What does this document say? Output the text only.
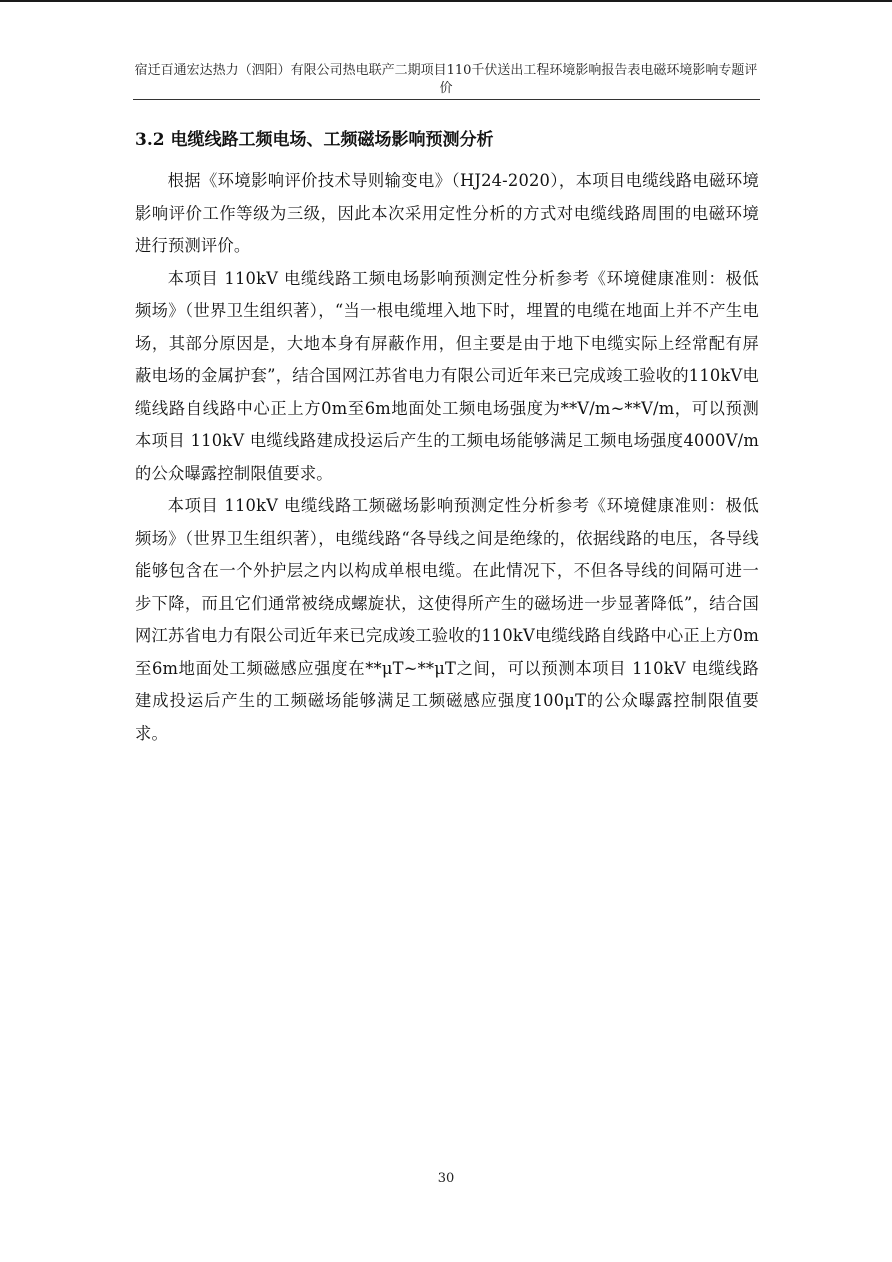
宿迁百通宏达热力（泗阳）有限公司热电联产二期项目110千伏送出工程环境影响报告表电磁环境影响专题评价
3.2 电缆线路工频电场、工频磁场影响预测分析

根据《环境影响评价技术导则输变电》（HJ24-2020），本项目电缆线路电磁环境影响评价工作等级为三级，因此本次采用定性分析的方式对电缆线路周围的电磁环境进行预测评价。

本项目 110kV 电缆线路工频电场影响预测定性分析参考《环境健康准则：极低频场》（世界卫生组织著），“当一根电缆埋入地下时，埋置的电缆在地面上并不产生电场，其部分原因是，大地本身有屏蔽作用，但主要是由于地下电缆实际上经常配有屏蔽电场的金属护套”，结合国网江苏省电力有限公司近年来已完成竣工验收的110kV电缆线路自线路中心正上方0m至6m地面处工频电场强度为**V/m~**V/m，可以预测本项目 110kV 电缆线路建成投运后产生的工频电场能够满足工频电场强度4000V/m的公众曝露控制限值要求。

本项目 110kV 电缆线路工频磁场影响预测定性分析参考《环境健康准则：极低频场》（世界卫生组织著），电缆线路“各导线之间是绝缘的，依据线路的电压，各导线能够包含在一个外护层之内以构成单根电缆。在此情况下，不但各导线的间隔可进一步下降，而且它们通常被绕成螺旋状，这使得所产生的磁场进一步显著降低”，结合国网江苏省电力有限公司近年来已完成竣工验收的110kV电缆线路自线路中心正上方0m至6m地面处工频磁感应强度在**μT~**μT之间，可以预测本项目 110kV 电缆线路建成投运后产生的工频磁场能够满足工频磁感应强度100μT的公众曝露控制限值要求。

30
